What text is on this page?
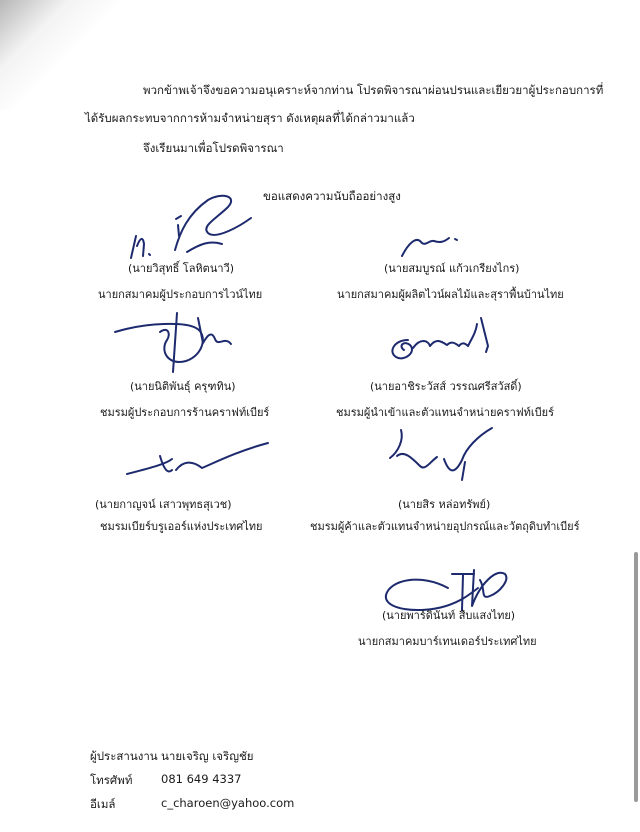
พวกข้าพเจ้าจึงขอความอนุเคราะห์จากท่าน โปรดพิจารณาผ่อนปรนและเยียวยาผู้ประกอบการที่
ได้รับผลกระทบจากการห้ามจำหน่ายสุรา ดังเหตุผลที่ได้กล่าวมาแล้ว
จึงเรียนมาเพื่อโปรดพิจารณา
ขอแสดงความนับถืออย่างสูง
(นายวิสุทธิ์ โลหิตนาวี)
นายกสมาคมผู้ประกอบการไวน์ไทย
(นายสมบูรณ์ แก้วเกรียงไกร)
นายกสมาคมผู้ผลิตไวน์ผลไม้และสุราพื้นบ้านไทย
(นายนิติพันธุ์ ครุฑทิน)
ชมรมผู้ประกอบการร้านคราฟท์เบียร์
(นายอาชิระวัสส์ วรรณศรีสวัสดิ์)
ชมรมผู้นำเข้าและตัวแทนจำหน่ายคราฟท์เบียร์
(นายกาญจน์ เสาวพุทธสุเวช)
ชมรมเบียร์บรูเออร์แห่งประเทศไทย
(นายสิร หล่อทรัพย์)
ชมรมผู้ค้าและตัวแทนจำหน่ายอุปกรณ์และวัตถุดิบทำเบียร์
(นายพาร์ดินันท์ สืบแสงไทย)
นายกสมาคมบาร์เทนเดอร์ประเทศไทย
ผู้ประสานงาน นายเจริญ เจริญชัย
โทรศัพท์ 081 649 4337
อีเมล์	c_charoen@yahoo.com
